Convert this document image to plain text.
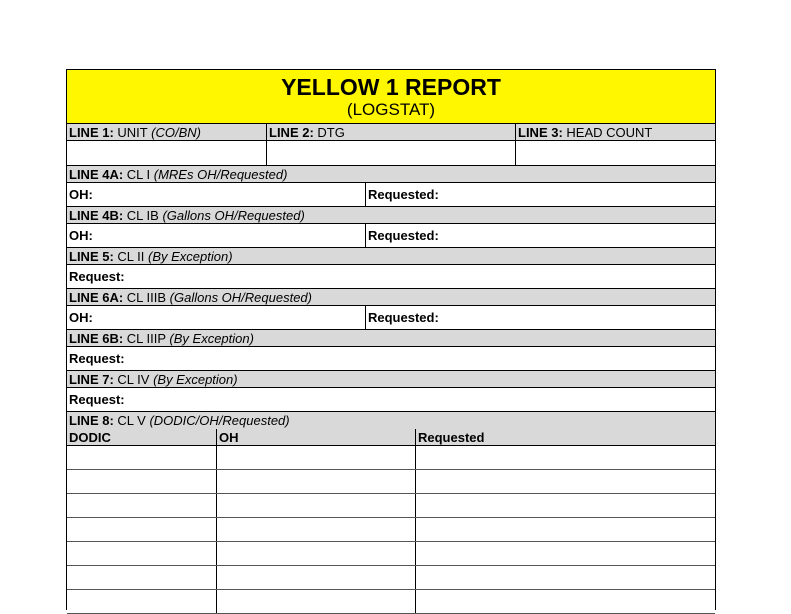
YELLOW 1 REPORT
(LOGSTAT)
LINE 1: UNIT (CO/BN)	LINE 2: DTG	LINE 3: HEAD COUNT
LINE 4A: CL I (MREs OH/Requested)
OH:	Requested:
LINE 4B: CL IB (Gallons OH/Requested)
OH:	Requested:
LINE 5: CL II (By Exception)
Request:
LINE 6A: CL IIIB (Gallons OH/Requested)
OH:	Requested:
LINE 6B: CL IIIP (By Exception)
Request:
LINE 7: CL IV (By Exception)
Request:
LINE 8: CL V (DODIC/OH/Requested)
DODIC	OH	Requested
